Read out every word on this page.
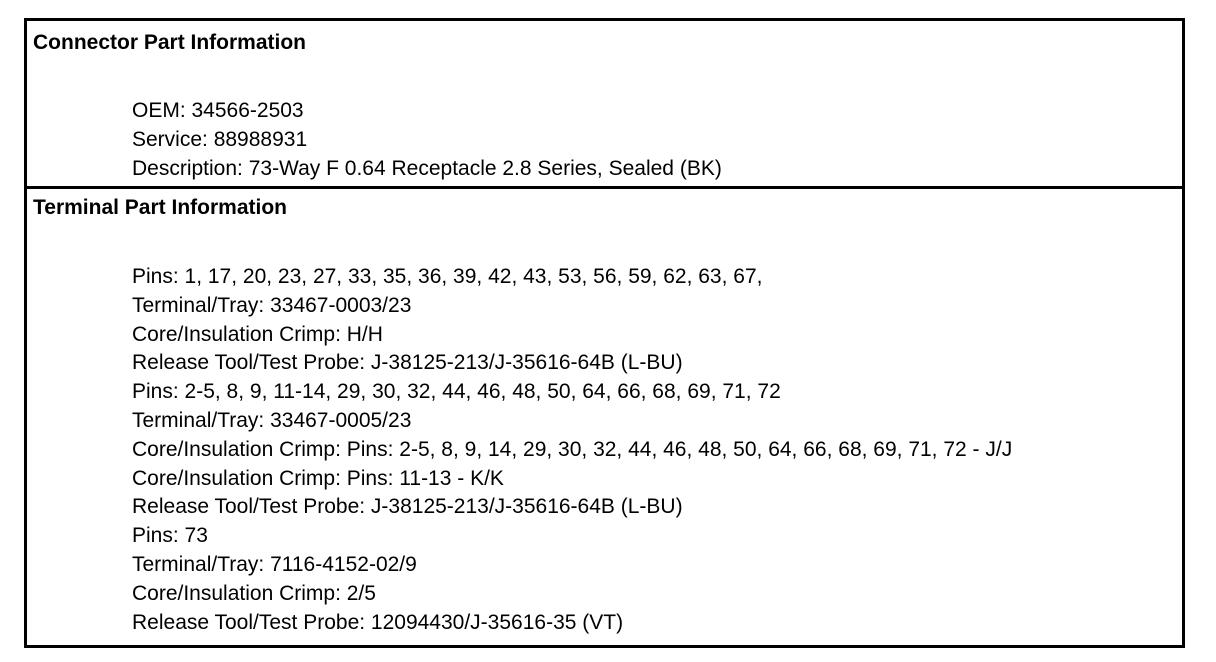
Connector Part Information
OEM: 34566-2503
Service: 88988931
Description: 73-Way F 0.64 Receptacle 2.8 Series, Sealed (BK)
Terminal Part Information
Pins: 1, 17, 20, 23, 27, 33, 35, 36, 39, 42, 43, 53, 56, 59, 62, 63, 67,
Terminal/Tray: 33467-0003/23
Core/Insulation Crimp: H/H
Release Tool/Test Probe: J-38125-213/J-35616-64B (L-BU)
Pins: 2-5, 8, 9, 11-14, 29, 30, 32, 44, 46, 48, 50, 64, 66, 68, 69, 71, 72
Terminal/Tray: 33467-0005/23
Core/Insulation Crimp: Pins: 2-5, 8, 9, 14, 29, 30, 32, 44, 46, 48, 50, 64, 66, 68, 69, 71, 72 - J/J
Core/Insulation Crimp: Pins: 11-13 - K/K
Release Tool/Test Probe: J-38125-213/J-35616-64B (L-BU)
Pins: 73
Terminal/Tray: 7116-4152-02/9
Core/Insulation Crimp: 2/5
Release Tool/Test Probe: 12094430/J-35616-35 (VT)
